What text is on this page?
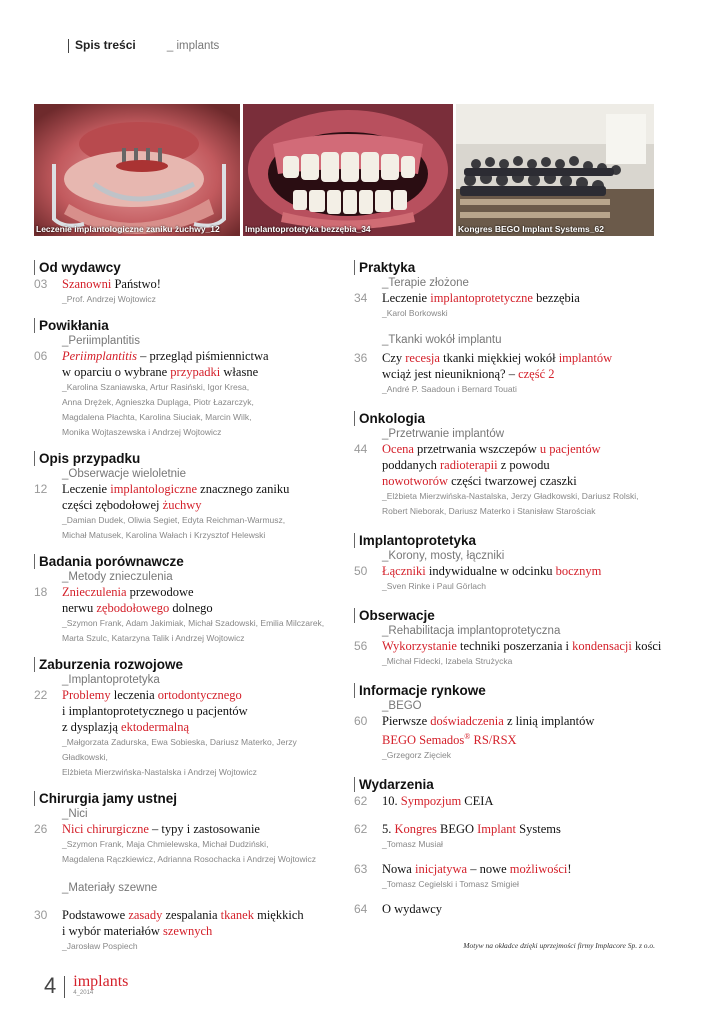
Spis treści _ implants
Leczenie implantologiczne zaniku żuchwy_12	Implantoprotetyka bezzębia_34	Kongres BEGO Implant Systems_62
Od wydawcy
03	Szanowni Państwo!
_Prof. Andrzej Wojtowicz
Powikłania
_Periimplantitis
06	Periimplantitis – przegląd piśmiennictwa
w oparciu o wybrane przypadki własne
_Karolina Szaniawska, Artur Rasiński, Igor Kresa,
Anna Drężek, Agnieszka Dupląga, Piotr Łazarczyk,
Magdalena Płachta, Karolina Siuciak, Marcin Wilk,
Monika Wojtaszewska i Andrzej Wojtowicz
Opis przypadku
_Obserwacje wieloletnie
12	Leczenie implantologiczne znacznego zaniku
części zębodołowej żuchwy
_Damian Dudek, Oliwia Segiet, Edyta Reichman-Warmusz,
Michał Matusek, Karolina Wałach i Krzysztof Helewski
Badania porównawcze
_Metody znieczulenia
18	Znieczulenia przewodowe
nerwu zębodołowego dolnego
_Szymon Frank, Adam Jakimiak, Michał Szadowski, Emilia Milczarek,
Marta Szulc, Katarzyna Talik i Andrzej Wojtowicz
Zaburzenia rozwojowe
_Implantoprotetyka
22	Problemy leczenia ortodontycznego
i implantoprotetycznego u pacjentów
z dysplazją ektodermalną
_Małgorzata Zadurska, Ewa Sobieska, Dariusz Materko, Jerzy Gładkowski,
Elżbieta Mierzwińska-Nastalska i Andrzej Wojtowicz
Chirurgia jamy ustnej
_Nici
26	Nici chirurgiczne – typy i zastosowanie
_Szymon Frank, Maja Chmielewska, Michał Dudziński,
Magdalena Rączkiewicz, Adrianna Rosochacka i Andrzej Wojtowicz
_Materiały szewne
30	Podstawowe zasady zespalania tkanek miękkich
i wybór materiałów szewnych
_Jarosław Pospiech
Praktyka
_Terapie złożone
34	Leczenie implantoprotetyczne bezzębia
_Karol Borkowski
_Tkanki wokół implantu
36	Czy recesja tkanki miękkiej wokół implantów
wciąż jest nieuniknioną? – część 2
_André P. Saadoun i Bernard Touati
Onkologia
_Przetrwanie implantów
44	Ocena przetrwania wszczepów u pacjentów
poddanych radioterapii z powodu
nowotworów części twarzowej czaszki
_Elżbieta Mierzwińska-Nastalska, Jerzy Gładkowski, Dariusz Rolski,
Robert Nieborak, Dariusz Materko i Stanisław Starościak
Implantoprotetyka
_Korony, mosty, łączniki
50	Łączniki indywidualne w odcinku bocznym
_Sven Rinke i Paul Görlach
Obserwacje
_Rehabilitacja implantoprotetyczna
56	Wykorzystanie techniki poszerzania i kondensacji kości
_Michał Fidecki, Izabela Strużycka
Informacje rynkowe
_BEGO
60	Pierwsze doświadczenia z linią implantów
BEGO Semados® RS/RSX
_Grzegorz Zięciek
Wydarzenia
62	10. Sympozjum CEIA
62	5. Kongres BEGO Implant Systems
_Tomasz Musiał
63	Nowa inicjatywa – nowe możliwości!
_Tomasz Cegielski i Tomasz Smigieł
64	O wydawcy
Motyw na okładce dzięki uprzejmości firmy Implacore Sp. z o.o.
4 implants
4_2014
